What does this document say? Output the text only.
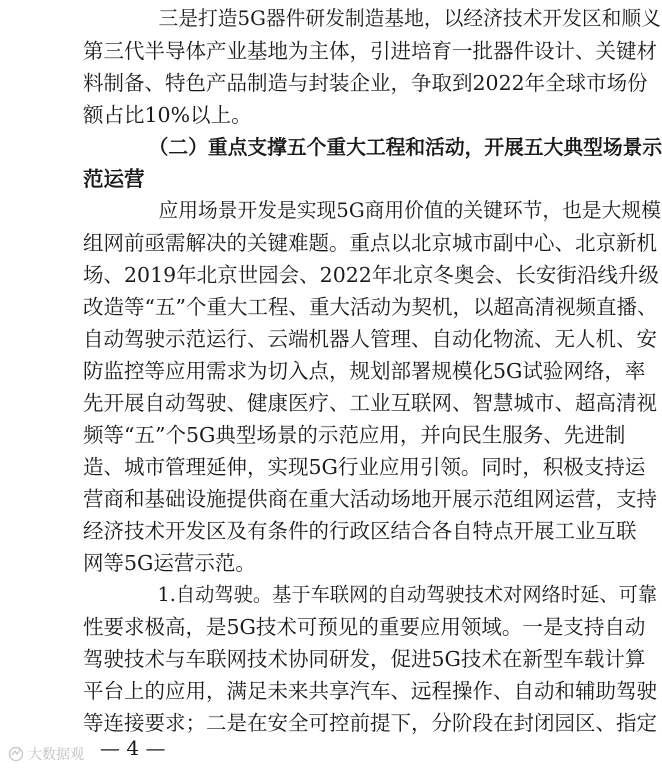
　　三是打造5G器件研发制造基地，以经济技术开发区和顺义
第三代半导体产业基地为主体，引进培育一批器件设计、关键材
料制备、特色产品制造与封装企业，争取到2022年全球市场份
额占比10%以上。
　　（二）重点支撑五个重大工程和活动，开展五大典型场景示
范运营
　　应用场景开发是实现5G商用价值的关键环节，也是大规模
组网前亟需解决的关键难题。重点以北京城市副中心、北京新机
场、2019年北京世园会、2022年北京冬奥会、长安街沿线升级
改造等“五”个重大工程、重大活动为契机，以超高清视频直播、
自动驾驶示范运行、云端机器人管理、自动化物流、无人机、安
防监控等应用需求为切入点，规划部署规模化5G试验网络，率
先开展自动驾驶、健康医疗、工业互联网、智慧城市、超高清视
频等“五”个5G典型场景的示范应用，并向民生服务、先进制
造、城市管理延伸，实现5G行业应用引领。同时，积极支持运
营商和基础设施提供商在重大活动场地开展示范组网运营，支持
经济技术开发区及有条件的行政区结合各自特点开展工业互联
网等5G运营示范。
　　1.自动驾驶。基于车联网的自动驾驶技术对网络时延、可靠
性要求极高，是5G技术可预见的重要应用领域。一是支持自动
驾驶技术与车联网技术协同研发，促进5G技术在新型车载计算
平台上的应用，满足未来共享汽车、远程操作、自动和辅助驾驶
等连接要求；二是在安全可控前提下，分阶段在封闭园区、指定
— 4 —
大数据观
